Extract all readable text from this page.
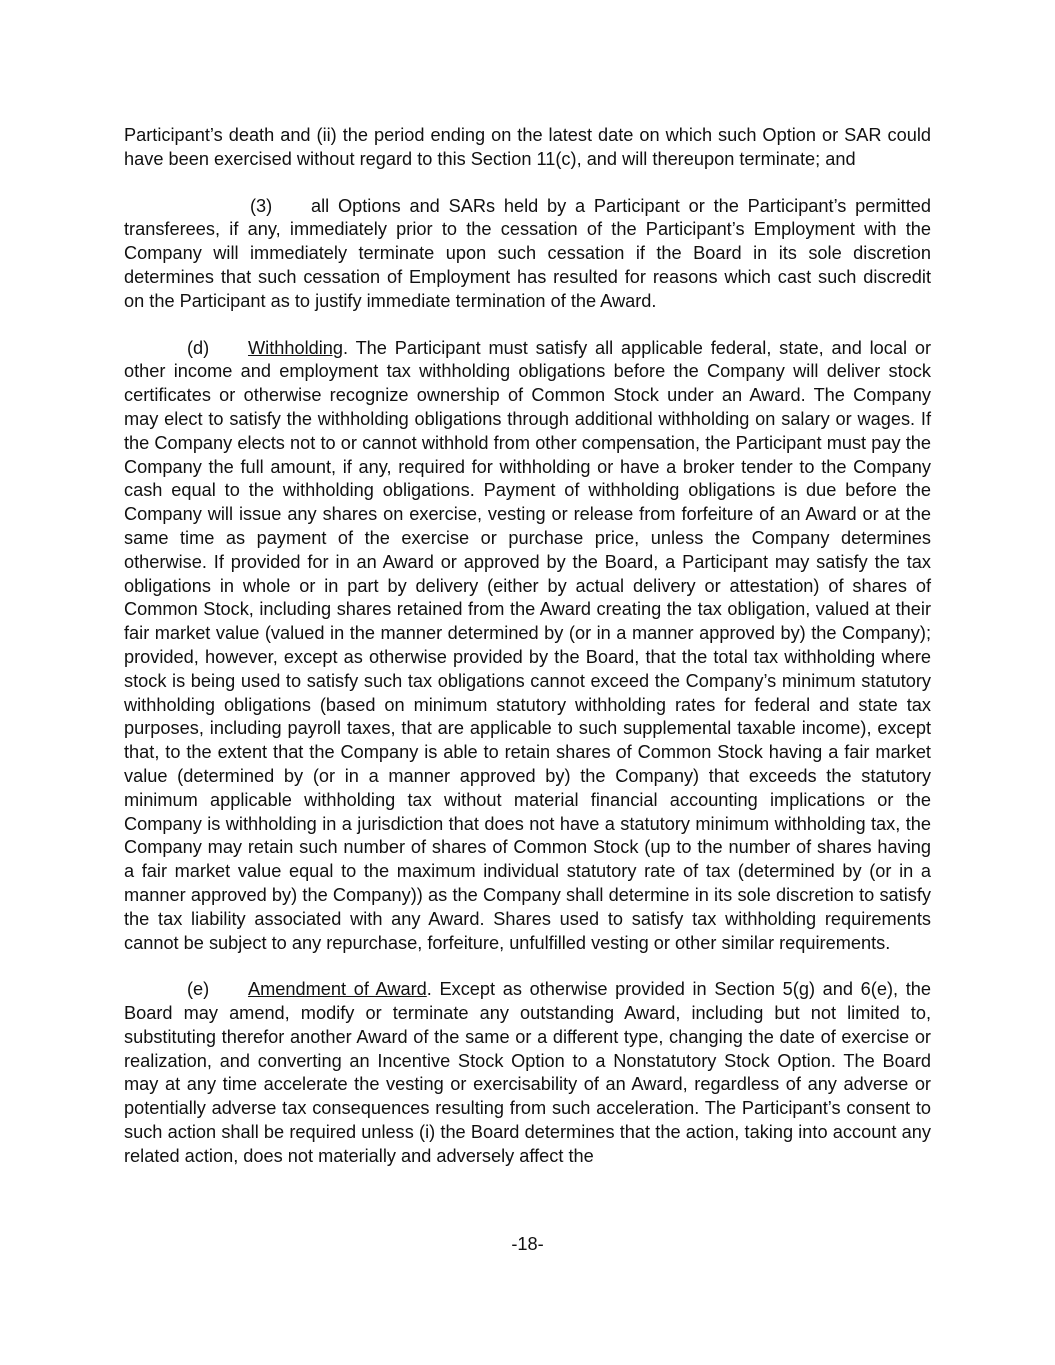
Participant’s death and (ii) the period ending on the latest date on which such Option or SAR could have been exercised without regard to this Section 11(c), and will thereupon terminate; and

(3) all Options and SARs held by a Participant or the Participant’s permitted transferees, if any, immediately prior to the cessation of the Participant’s Employment with the Company will immediately terminate upon such cessation if the Board in its sole discretion determines that such cessation of Employment has resulted for reasons which cast such discredit on the Participant as to justify immediate termination of the Award.

(d) Withholding. The Participant must satisfy all applicable federal, state, and local or other income and employment tax withholding obligations before the Company will deliver stock certificates or otherwise recognize ownership of Common Stock under an Award. The Company may elect to satisfy the withholding obligations through additional withholding on salary or wages. If the Company elects not to or cannot withhold from other compensation, the Participant must pay the Company the full amount, if any, required for withholding or have a broker tender to the Company cash equal to the withholding obligations. Payment of withholding obligations is due before the Company will issue any shares on exercise, vesting or release from forfeiture of an Award or at the same time as payment of the exercise or purchase price, unless the Company determines otherwise. If provided for in an Award or approved by the Board, a Participant may satisfy the tax obligations in whole or in part by delivery (either by actual delivery or attestation) of shares of Common Stock, including shares retained from the Award creating the tax obligation, valued at their fair market value (valued in the manner determined by (or in a manner approved by) the Company); provided, however, except as otherwise provided by the Board, that the total tax withholding where stock is being used to satisfy such tax obligations cannot exceed the Company’s minimum statutory withholding obligations (based on minimum statutory withholding rates for federal and state tax purposes, including payroll taxes, that are applicable to such supplemental taxable income), except that, to the extent that the Company is able to retain shares of Common Stock having a fair market value (determined by (or in a manner approved by) the Company) that exceeds the statutory minimum applicable withholding tax without material financial accounting implications or the Company is withholding in a jurisdiction that does not have a statutory minimum withholding tax, the Company may retain such number of shares of Common Stock (up to the number of shares having a fair market value equal to the maximum individual statutory rate of tax (determined by (or in a manner approved by) the Company)) as the Company shall determine in its sole discretion to satisfy the tax liability associated with any Award. Shares used to satisfy tax withholding requirements cannot be subject to any repurchase, forfeiture, unfulfilled vesting or other similar requirements.

(e) Amendment of Award. Except as otherwise provided in Section 5(g) and 6(e), the Board may amend, modify or terminate any outstanding Award, including but not limited to, substituting therefor another Award of the same or a different type, changing the date of exercise or realization, and converting an Incentive Stock Option to a Nonstatutory Stock Option. The Board may at any time accelerate the vesting or exercisability of an Award, regardless of any adverse or potentially adverse tax consequences resulting from such acceleration. The Participant’s consent to such action shall be required unless (i) the Board determines that the action, taking into account any related action, does not materially and adversely affect the

-18-
